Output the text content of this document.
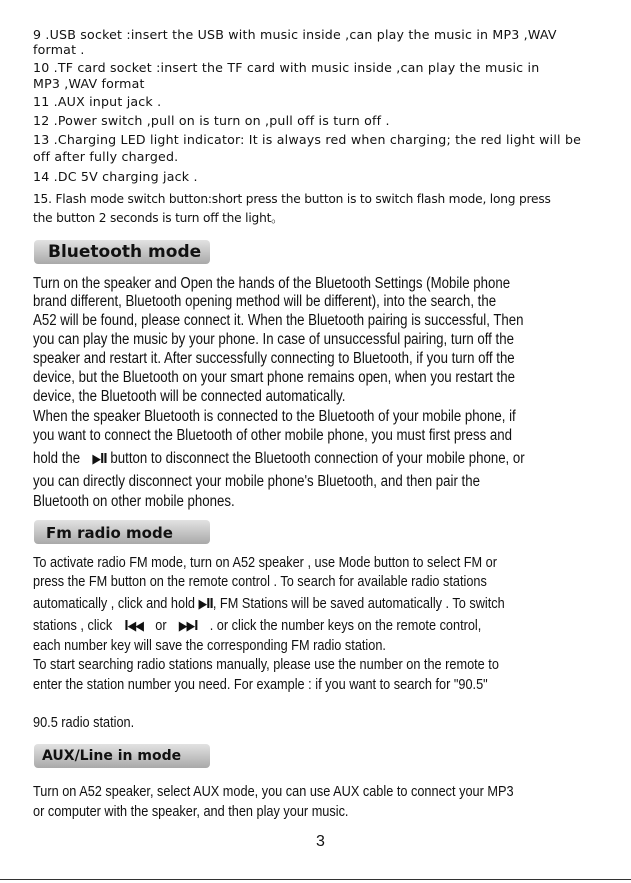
9 .USB socket :insert the USB with music inside ,can play the music in MP3 ,WAV
format .
10 .TF card socket :insert the TF card with music inside ,can play the music in
MP3 ,WAV format
11 .AUX input jack .
12 .Power switch ,pull on is turn on ,pull off is turn off .
13 .Charging LED light indicator: It is always red when charging; the red light will be
off after fully charged.
14 .DC 5V charging jack .
15. Flash mode switch button:short press the button is to switch flash mode, long press
the button 2 seconds is turn off the light。
Bluetooth mode
Turn on the speaker and Open the hands of the Bluetooth Settings (Mobile phone
brand different, Bluetooth opening method will be different), into the search, the
A52 will be found, please connect it. When the Bluetooth pairing is successful, Then
you can play the music by your phone. In case of unsuccessful pairing, turn off the
speaker and restart it. After successfully connecting to Bluetooth, if you turn off the
device, but the Bluetooth on your smart phone remains open, when you restart the
device, the Bluetooth will be connected automatically.
When the speaker Bluetooth is connected to the Bluetooth of your mobile phone, if
you want to connect the Bluetooth of other mobile phone, you must first press and
hold the ▶II button to disconnect the Bluetooth connection of your mobile phone, or
you can directly disconnect your mobile phone's Bluetooth, and then pair the
Bluetooth on other mobile phones.
Fm radio mode
To activate radio FM mode, turn on A52 speaker , use Mode button to select FM or
press the FM button on the remote control . To search for available radio stations
automatically , click and hold ▶II, FM Stations will be saved automatically . To switch
stations , click I◀◀ or ▶▶I . or click the number keys on the remote control,
each number key will save the corresponding FM radio station.
To start searching radio stations manually, please use the number on the remote to
enter the station number you need. For example : if you want to search for "90.5"
90.5 radio station.
AUX/Line in mode
Turn on A52 speaker, select AUX mode, you can use AUX cable to connect your MP3
or computer with the speaker, and then play your music.
3
